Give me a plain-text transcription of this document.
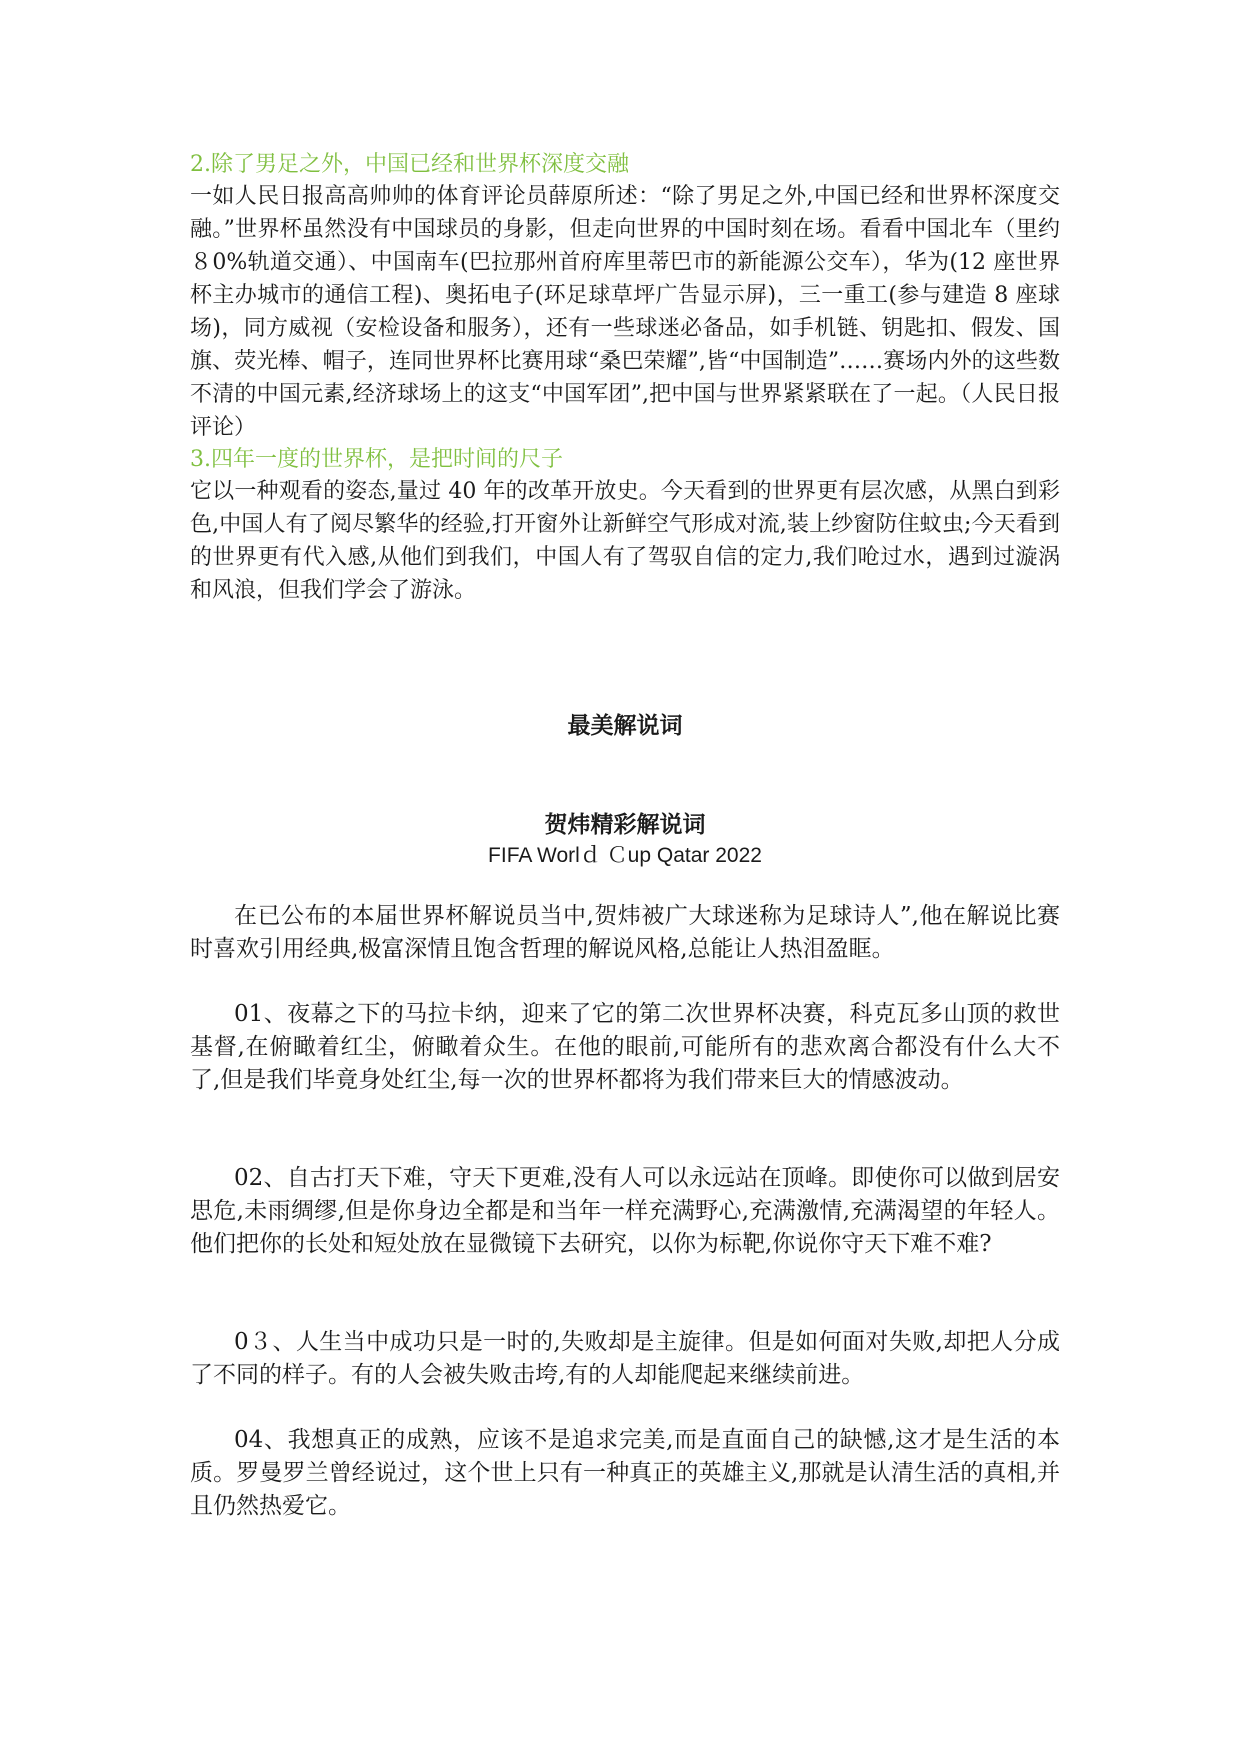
2.除了男足之外，中国已经和世界杯深度交融
一如人民日报高高帅帅的体育评论员薛原所述：“除了男足之外,中国已经和世界杯深度交融。”世界杯虽然没有中国球员的身影，但走向世界的中国时刻在场。看看中国北车（里约８0%轨道交通）、中国南车(巴拉那州首府库里蒂巴市的新能源公交车），华为(12 座世界杯主办城市的通信工程)、奥拓电子(环足球草坪广告显示屏)，三一重工(参与建造 8 座球场)，同方威视（安检设备和服务），还有一些球迷必备品，如手机链、钥匙扣、假发、国旗、荧光棒、帽子，连同世界杯比赛用球“桑巴荣耀”,皆“中国制造”……赛场内外的这些数不清的中国元素,经济球场上的这支“中国军团”,把中国与世界紧紧联在了一起。（人民日报评论）
3.四年一度的世界杯，是把时间的尺子
它以一种观看的姿态,量过 40 年的改革开放史。今天看到的世界更有层次感，从黑白到彩色,中国人有了阅尽繁华的经验,打开窗外让新鲜空气形成对流,装上纱窗防住蚊虫;今天看到的世界更有代入感,从他们到我们，中国人有了驾驭自信的定力,我们呛过水，遇到过漩涡和风浪，但我们学会了游泳。
最美解说词
贺炜精彩解说词
FIFA Worlｄ Ｃup Qatar 2022
在已公布的本届世界杯解说员当中,贺炜被广大球迷称为足球诗人”,他在解说比赛时喜欢引用经典,极富深情且饱含哲理的解说风格,总能让人热泪盈眶。
01、夜幕之下的马拉卡纳，迎来了它的第二次世界杯决赛，科克瓦多山顶的救世基督,在俯瞰着红尘，俯瞰着众生。在他的眼前,可能所有的悲欢离合都没有什么大不了,但是我们毕竟身处红尘,每一次的世界杯都将为我们带来巨大的情感波动。
02、自古打天下难，守天下更难,没有人可以永远站在顶峰。即使你可以做到居安思危,未雨绸缪,但是你身边全都是和当年一样充满野心,充满激情,充满渴望的年轻人。他们把你的长处和短处放在显微镜下去研究，以你为标靶,你说你守天下难不难?
0３、人生当中成功只是一时的,失败却是主旋律。但是如何面对失败,却把人分成了不同的样子。有的人会被失败击垮,有的人却能爬起来继续前进。
04、我想真正的成熟，应该不是追求完美,而是直面自己的缺憾,这才是生活的本质。罗曼罗兰曾经说过，这个世上只有一种真正的英雄主义,那就是认清生活的真相,并且仍然热爱它。
